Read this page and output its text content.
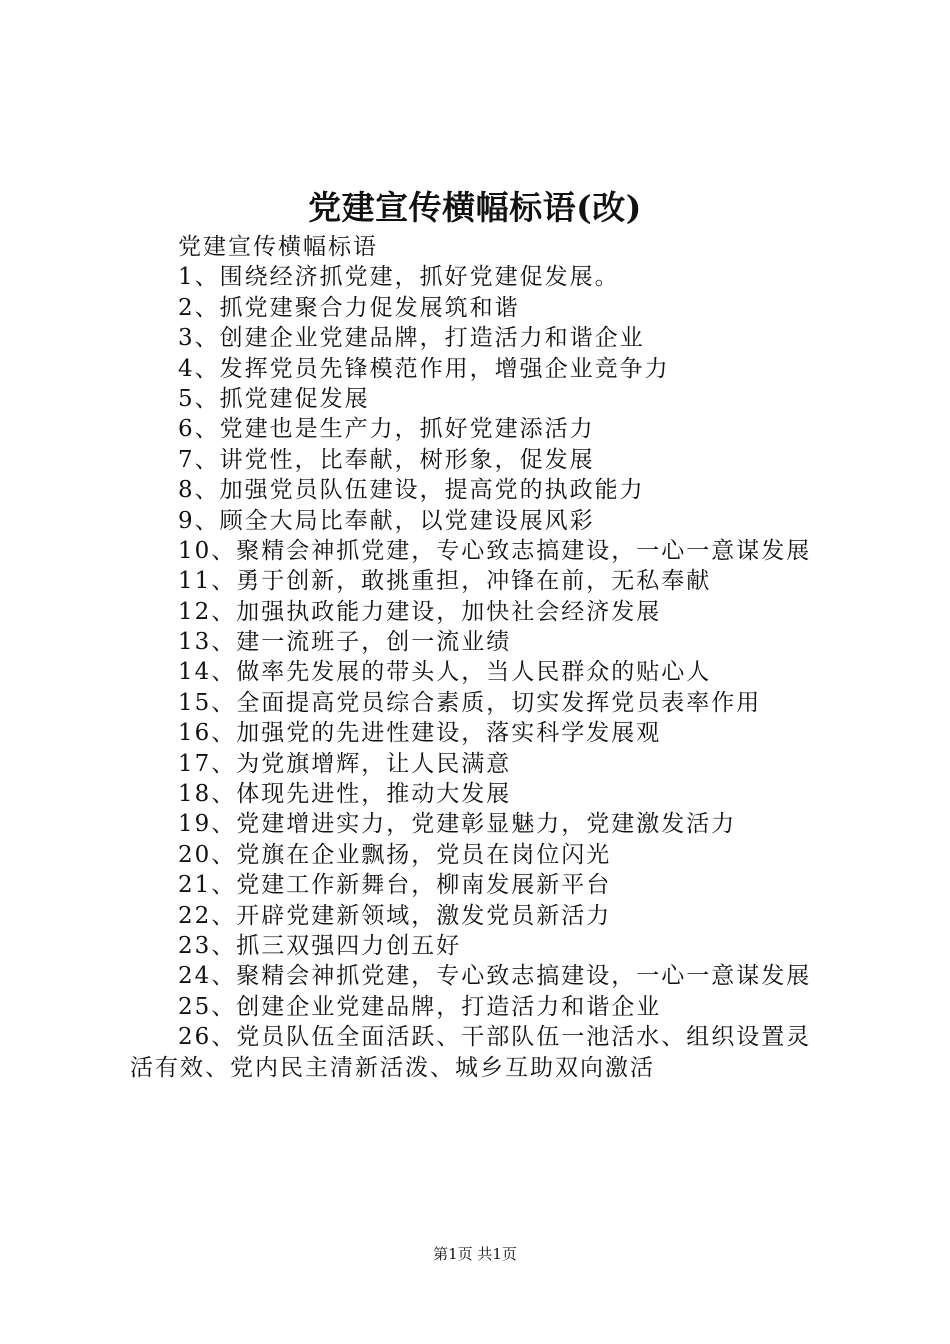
党建宣传横幅标语(改)
党建宣传横幅标语
1、围绕经济抓党建，抓好党建促发展。
2、抓党建聚合力促发展筑和谐
3、创建企业党建品牌，打造活力和谐企业
4、发挥党员先锋模范作用，增强企业竞争力
5、抓党建促发展
6、党建也是生产力，抓好党建添活力
7、讲党性，比奉献，树形象，促发展
8、加强党员队伍建设，提高党的执政能力
9、顾全大局比奉献，以党建设展风彩
10、聚精会神抓党建，专心致志搞建设，一心一意谋发展
11、勇于创新，敢挑重担，冲锋在前，无私奉献
12、加强执政能力建设，加快社会经济发展
13、建一流班子，创一流业绩
14、做率先发展的带头人，当人民群众的贴心人
15、全面提高党员综合素质，切实发挥党员表率作用
16、加强党的先进性建设，落实科学发展观
17、为党旗增辉，让人民满意
18、体现先进性，推动大发展
19、党建增进实力，党建彰显魅力，党建激发活力
20、党旗在企业飘扬，党员在岗位闪光
21、党建工作新舞台，柳南发展新平台
22、开辟党建新领域，激发党员新活力
23、抓三双强四力创五好
24、聚精会神抓党建，专心致志搞建设，一心一意谋发展
25、创建企业党建品牌，打造活力和谐企业
26、党员队伍全面活跃、干部队伍一池活水、组织设置灵活有效、党内民主清新活泼、城乡互助双向激活
第1页 共1页
